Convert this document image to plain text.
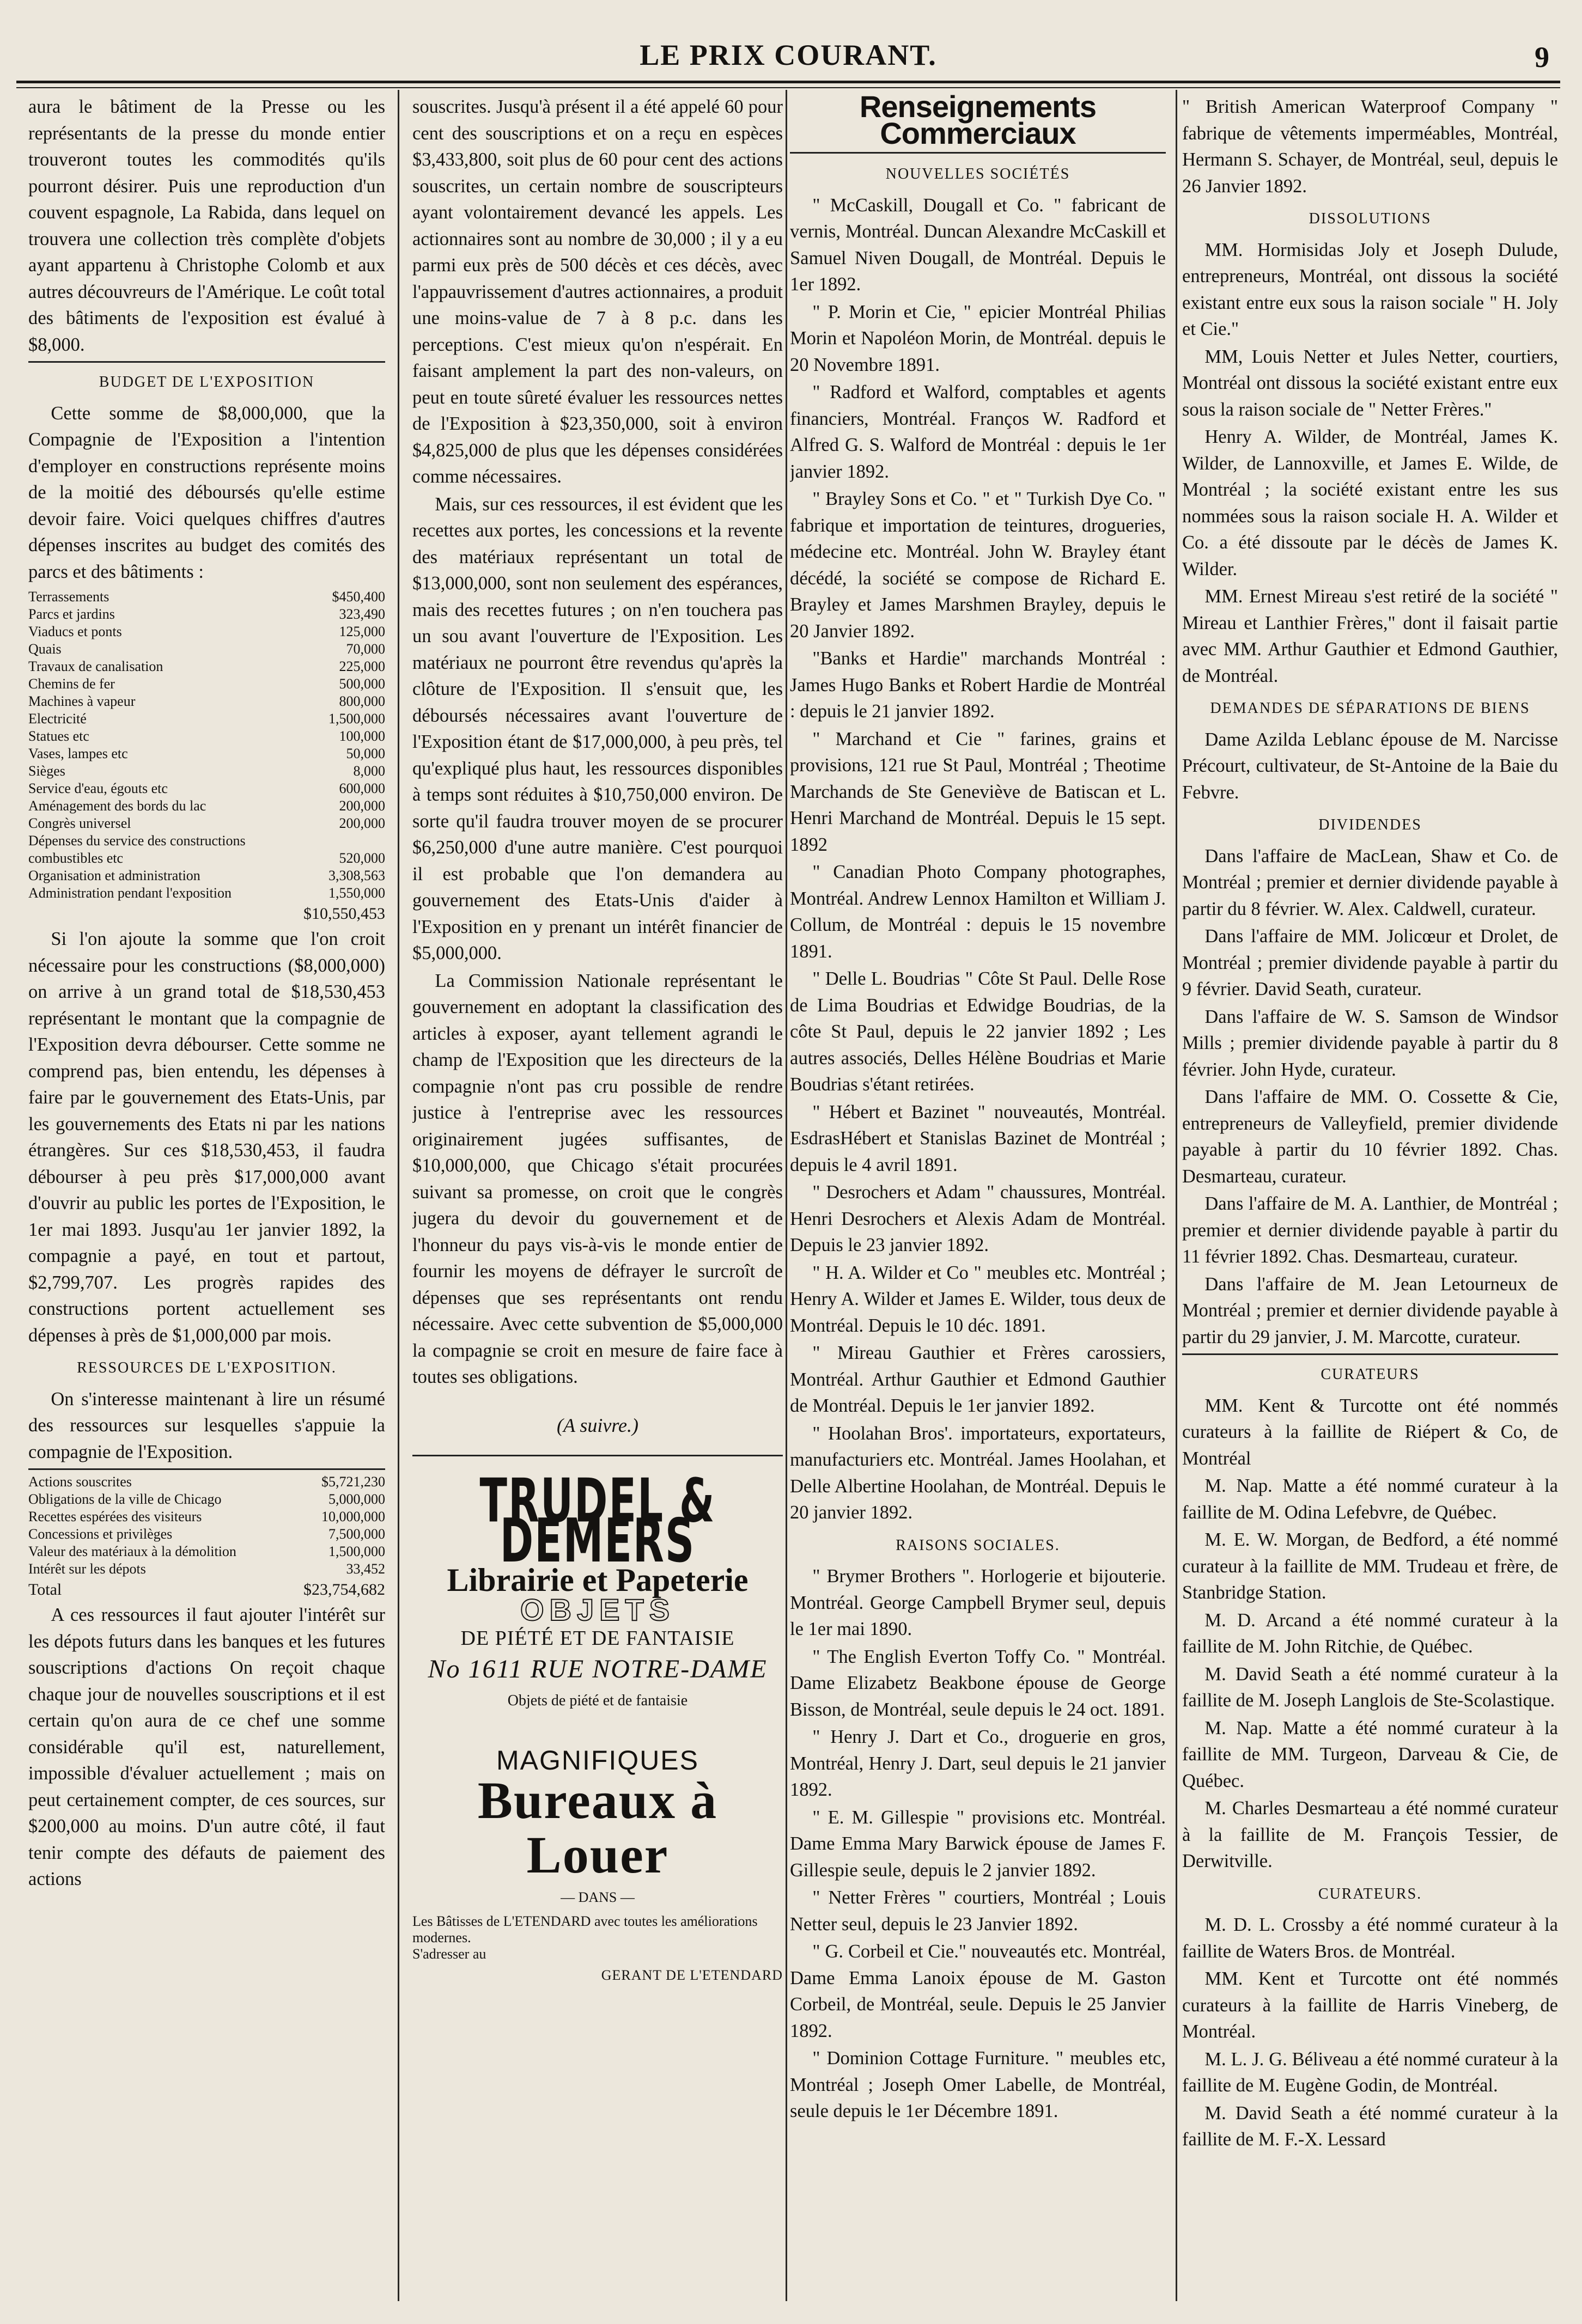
LE PRIX COURANT.	9

aura le bâtiment de la Presse ou les représentants de la presse du monde entier trouveront toutes les commodités qu'ils pourront désirer. Puis une reproduction d'un couvent espagnole, La Rabida, dans lequel on trouvera une collection très complète d'objets ayant appartenu à Christophe Colomb et aux autres découvreurs de l'Amérique. Le coût total des bâtiments de l'exposition est évalué à $8,000.

BUDGET DE L'EXPOSITION

Cette somme de $8,000,000, que la Compagnie de l'Exposition a l'intention d'employer en constructions représente moins de la moitié des déboursés qu'elle estime devoir faire. Voici quelques chiffres d'autres dépenses inscrites au budget des comités des parcs et des bâtiments :

Terrassements	$450,400
Parcs et jardins	323,490
Viaducs et ponts	125,000
Quais	70,000
Travaux de canalisation	225,000
Chemins de fer	500,000
Machines à vapeur	800,000
Electricité	1,500,000
Statues etc	100,000
Vases, lampes etc	50,000
Sièges	8,000
Service d'eau, égouts etc	600,000
Aménagement des bords du lac	200,000
Congrès universel	200,000
Dépenses du service des constructions combustibles etc	520,000
Organisation et administration	3,308,563
Administration pendant l'exposition	1,550,000
	$10,550,453

Si l'on ajoute la somme que l'on croit nécessaire pour les constructions ($8,000,000) on arrive à un grand total de $18,530,453 représentant le montant que la compagnie de l'Exposition devra débourser. Cette somme ne comprend pas, bien entendu, les dépenses à faire par le gouvernement des Etats-Unis, par les gouvernements des Etats ni par les nations étrangères. Sur ces $18,530,453, il faudra débourser à peu près $17,000,000 avant d'ouvrir au public les portes de l'Exposition, le 1er mai 1893. Jusqu'au 1er janvier 1892, la compagnie a payé, en tout et partout, $2,799,707. Les progrès rapides des constructions portent actuellement ses dépenses à près de $1,000,000 par mois.

RESSOURCES DE L'EXPOSITION.

On s'interesse maintenant à lire un résumé des ressources sur lesquelles s'appuie la compagnie de l'Exposition.

Actions souscrites	$5,721,230
Obligations de la ville de Chicago	5,000,000
Recettes espérées des visiteurs	10,000,000
Concessions et privilèges	7,500,000
Valeur des matériaux à la démolition	1,500,000
Intérêt sur les dépots	33,452
Total	$23,754,682

A ces ressources il faut ajouter l'intérêt sur les dépots futurs dans les banques et les futures souscriptions d'actions On reçoit chaque chaque jour de nouvelles souscriptions et il est certain qu'on aura de ce chef une somme considérable qu'il est, naturellement, impossible d'évaluer actuellement ; mais on peut certainement compter, de ces sources, sur $200,000 au moins. D'un autre côté, il faut tenir compte des défauts de paiement des actions

souscrites. Jusqu'à présent il a été appelé 60 pour cent des souscriptions et on a reçu en espèces $3,433,800, soit plus de 60 pour cent des actions souscrites, un certain nombre de souscripteurs ayant volontairement devancé les appels. Les actionnaires sont au nombre de 30,000 ; il y a eu parmi eux près de 500 décès et ces décès, avec l'appauvrissement d'autres actionnaires, a produit une moins-value de 7 à 8 p.c. dans les perceptions. C'est mieux qu'on n'espérait. En faisant amplement la part des non-valeurs, on peut en toute sûreté évaluer les ressources nettes de l'Exposition à $23,350,000, soit à environ $4,825,000 de plus que les dépenses considérées comme nécessaires.

Mais, sur ces ressources, il est évident que les recettes aux portes, les concessions et la revente des matériaux représentant un total de $13,000,000, sont non seulement des espérances, mais des recettes futures ; on n'en touchera pas un sou avant l'ouverture de l'Exposition. Les matériaux ne pourront être revendus qu'après la clôture de l'Exposition. Il s'ensuit que, les déboursés nécessaires avant l'ouverture de l'Exposition étant de $17,000,000, à peu près, tel qu'expliqué plus haut, les ressources disponibles à temps sont réduites à $10,750,000 environ. De sorte qu'il faudra trouver moyen de se procurer $6,250,000 d'une autre manière. C'est pourquoi il est probable que l'on demandera au gouvernement des Etats-Unis d'aider à l'Exposition en y prenant un intérêt financier de $5,000,000.

La Commission Nationale représentant le gouvernement en adoptant la classification des articles à exposer, ayant tellement agrandi le champ de l'Exposition que les directeurs de la compagnie n'ont pas cru possible de rendre justice à l'entreprise avec les ressources originairement jugées suffisantes, de $10,000,000, que Chicago s'était procurées suivant sa promesse, on croit que le congrès jugera du devoir du gouvernement et de l'honneur du pays vis-à-vis le monde entier de fournir les moyens de défrayer le surcroît de dépenses que ses représentants ont rendu nécessaire. Avec cette subvention de $5,000,000 la compagnie se croit en mesure de faire face à toutes ses obligations.

(A suivre.)
TRUDEL & DEMERS
Librairie et Papeterie
OBJETS
DE PIÉTÉ ET DE FANTAISIE
No 1611 RUE NOTRE-DAME
Objets de piété et de fantaisie
MAGNIFIQUES
Bureaux à Louer
— DANS —
Les Bâtisses de L'ETENDARD avec toutes les améliorations modernes.
S'adresser au
GERANT DE L'ETENDARD
Renseignements Commerciaux
NOUVELLES SOCIÉTÉS

" McCaskill, Dougall et Co. " fabricant de vernis, Montréal. Duncan Alexandre McCaskill et Samuel Niven Dougall, de Montréal. Depuis le 1er 1892.

" P. Morin et Cie, " epicier Montréal Philias Morin et Napoléon Morin, de Montréal. depuis le 20 Novembre 1891.

" Radford et Walford, comptables et agents financiers, Montréal. Franços W. Radford et Alfred G. S. Walford de Montréal : depuis le 1er janvier 1892.

" Brayley Sons et Co. " et " Turkish Dye Co. " fabrique et importation de teintures, drogueries, médecine etc. Montréal. John W. Brayley étant décédé, la société se compose de Richard E. Brayley et James Marshmen Brayley, depuis le 20 Janvier 1892.

"Banks et Hardie" marchands Montréal : James Hugo Banks et Robert Hardie de Montréal : depuis le 21 janvier 1892.

" Marchand et Cie " farines, grains et provisions, 121 rue St Paul, Montréal ; Theotime Marchands de Ste Geneviève de Batiscan et L. Henri Marchand de Montréal. Depuis le 15 sept. 1892

" Canadian Photo Company photographes, Montréal. Andrew Lennox Hamilton et William J. Collum, de Montréal : depuis le 15 novembre 1891.

" Delle L. Boudrias " Côte St Paul. Delle Rose de Lima Boudrias et Edwidge Boudrias, de la côte St Paul, depuis le 22 janvier 1892 ; Les autres associés, Delles Hélène Boudrias et Marie Boudrias s'étant retirées.

" Hébert et Bazinet " nouveautés, Montréal. EsdrasHébert et Stanislas Bazinet de Montréal ; depuis le 4 avril 1891.

" Desrochers et Adam " chaussures, Montréal. Henri Desrochers et Alexis Adam de Montréal. Depuis le 23 janvier 1892.

" H. A. Wilder et Co " meubles etc. Montréal ; Henry A. Wilder et James E. Wilder, tous deux de Montréal. Depuis le 10 déc. 1891.

" Mireau Gauthier et Frères carossiers, Montréal. Arthur Gauthier et Edmond Gauthier de Montréal. Depuis le 1er janvier 1892.

" Hoolahan Bros'. importateurs, exportateurs, manufacturiers etc. Montréal. James Hoolahan, et Delle Albertine Hoolahan, de Montréal. Depuis le 20 janvier 1892.

RAISONS SOCIALES.

" Brymer Brothers ". Horlogerie et bijouterie. Montréal. George Campbell Brymer seul, depuis le 1er mai 1890.

" The English Everton Toffy Co. " Montréal. Dame Elizabetz Beakbone épouse de George Bisson, de Montréal, seule depuis le 24 oct. 1891.

" Henry J. Dart et Co., droguerie en gros, Montréal, Henry J. Dart, seul depuis le 21 janvier 1892.

" E. M. Gillespie " provisions etc. Montréal. Dame Emma Mary Barwick épouse de James F. Gillespie seule, depuis le 2 janvier 1892.

" Netter Frères " courtiers, Montréal ; Louis Netter seul, depuis le 23 Janvier 1892.

" G. Corbeil et Cie." nouveautés etc. Montréal, Dame Emma Lanoix épouse de M. Gaston Corbeil, de Montréal, seule. Depuis le 25 Janvier 1892.

" Dominion Cottage Furniture. " meubles etc, Montréal ; Joseph Omer Labelle, de Montréal, seule depuis le 1er Décembre 1891.

" British American Waterproof Company " fabrique de vêtements imperméables, Montréal, Hermann S. Schayer, de Montréal, seul, depuis le 26 Janvier 1892.

DISSOLUTIONS

MM. Hormisidas Joly et Joseph Dulude, entrepreneurs, Montréal, ont dissous la société existant entre eux sous la raison sociale " H. Joly et Cie."

MM, Louis Netter et Jules Netter, courtiers, Montréal ont dissous la société existant entre eux sous la raison sociale de " Netter Frères."

Henry A. Wilder, de Montréal, James K. Wilder, de Lannoxville, et James E. Wilde, de Montréal ; la société existant entre les sus nommées sous la raison sociale H. A. Wilder et Co. a été dissoute par le décès de James K. Wilder.

MM. Ernest Mireau s'est retiré de la société " Mireau et Lanthier Frères," dont il faisait partie avec MM. Arthur Gauthier et Edmond Gauthier, de Montréal.

DEMANDES DE SÉPARATIONS DE BIENS

Dame Azilda Leblanc épouse de M. Narcisse Précourt, cultivateur, de St-Antoine de la Baie du Febvre.

DIVIDENDES

Dans l'affaire de MacLean, Shaw et Co. de Montréal ; premier et dernier dividende payable à partir du 8 février. W. Alex. Caldwell, curateur.

Dans l'affaire de MM. Jolicœur et Drolet, de Montréal ; premier dividende payable à partir du 9 février. David Seath, curateur.

Dans l'affaire de W. S. Samson de Windsor Mills ; premier dividende payable à partir du 8 février. John Hyde, curateur.

Dans l'affaire de MM. O. Cossette & Cie, entrepreneurs de Valleyfield, premier dividende payable à partir du 10 février 1892. Chas. Desmarteau, curateur.

Dans l'affaire de M. A. Lanthier, de Montréal ; premier et dernier dividende payable à partir du 11 février 1892. Chas. Desmarteau, curateur.

Dans l'affaire de M. Jean Letourneux de Montréal ; premier et dernier dividende payable à partir du 29 janvier, J. M. Marcotte, curateur.

CURATEURS

MM. Kent & Turcotte ont été nommés curateurs à la faillite de Riépert & Co, de Montréal

M. Nap. Matte a été nommé curateur à la faillite de M. Odina Lefebvre, de Québec.

M. E. W. Morgan, de Bedford, a été nommé curateur à la faillite de MM. Trudeau et frère, de Stanbridge Station.

M. D. Arcand a été nommé curateur à la faillite de M. John Ritchie, de Québec.

M. David Seath a été nommé curateur à la faillite de M. Joseph Langlois de Ste-Scolastique.

M. Nap. Matte a été nommé curateur à la faillite de MM. Turgeon, Darveau & Cie, de Québec.

M. Charles Desmarteau a été nommé curateur à la faillite de M. François Tessier, de Derwitville.

CURATEURS.

M. D. L. Crossby a été nommé curateur à la faillite de Waters Bros. de Montréal.

MM. Kent et Turcotte ont été nommés curateurs à la faillite de Harris Vineberg, de Montréal.

M. L. J. G. Béliveau a été nommé curateur à la faillite de M. Eugène Godin, de Montréal.

M. David Seath a été nommé curateur à la faillite de M. F.-X. Lessard
